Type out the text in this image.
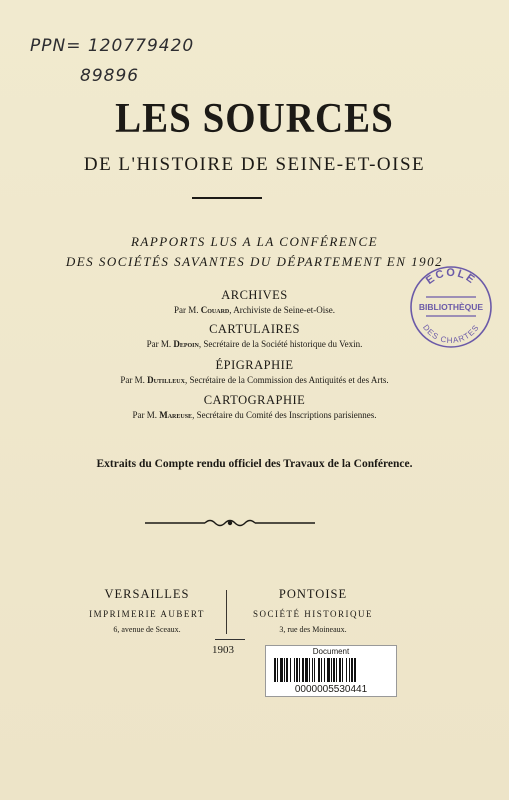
PPN= 120779420
89896
LES SOURCES
DE L'HISTOIRE DE SEINE-ET-OISE
RAPPORTS LUS A LA CONFÉRENCE
DES SOCIÉTÉS SAVANTES DU DÉPARTEMENT EN 1902
ARCHIVES
Par M. Couard, Archiviste de Seine-et-Oise.
CARTULAIRES
Par M. Depoin, Secrétaire de la Société historique du Vexin.
ÉPIGRAPHIE
Par M. Dutilleux, Secrétaire de la Commission des Antiquités et des Arts.
CARTOGRAPHIE
Par M. Mareuse, Secrétaire du Comité des Inscriptions parisiennes.
Extraits du Compte rendu officiel des Travaux de la Conférence.
VERSAILLES
IMPRIMERIE AUBERT
6, avenue de Sceaux.
PONTOISE
SOCIÉTÉ HISTORIQUE
3, rue des Moineaux.
1903
ÉCOLE
BIBLIOTHÈQUE
DES CHARTES
Document
0000005530441
